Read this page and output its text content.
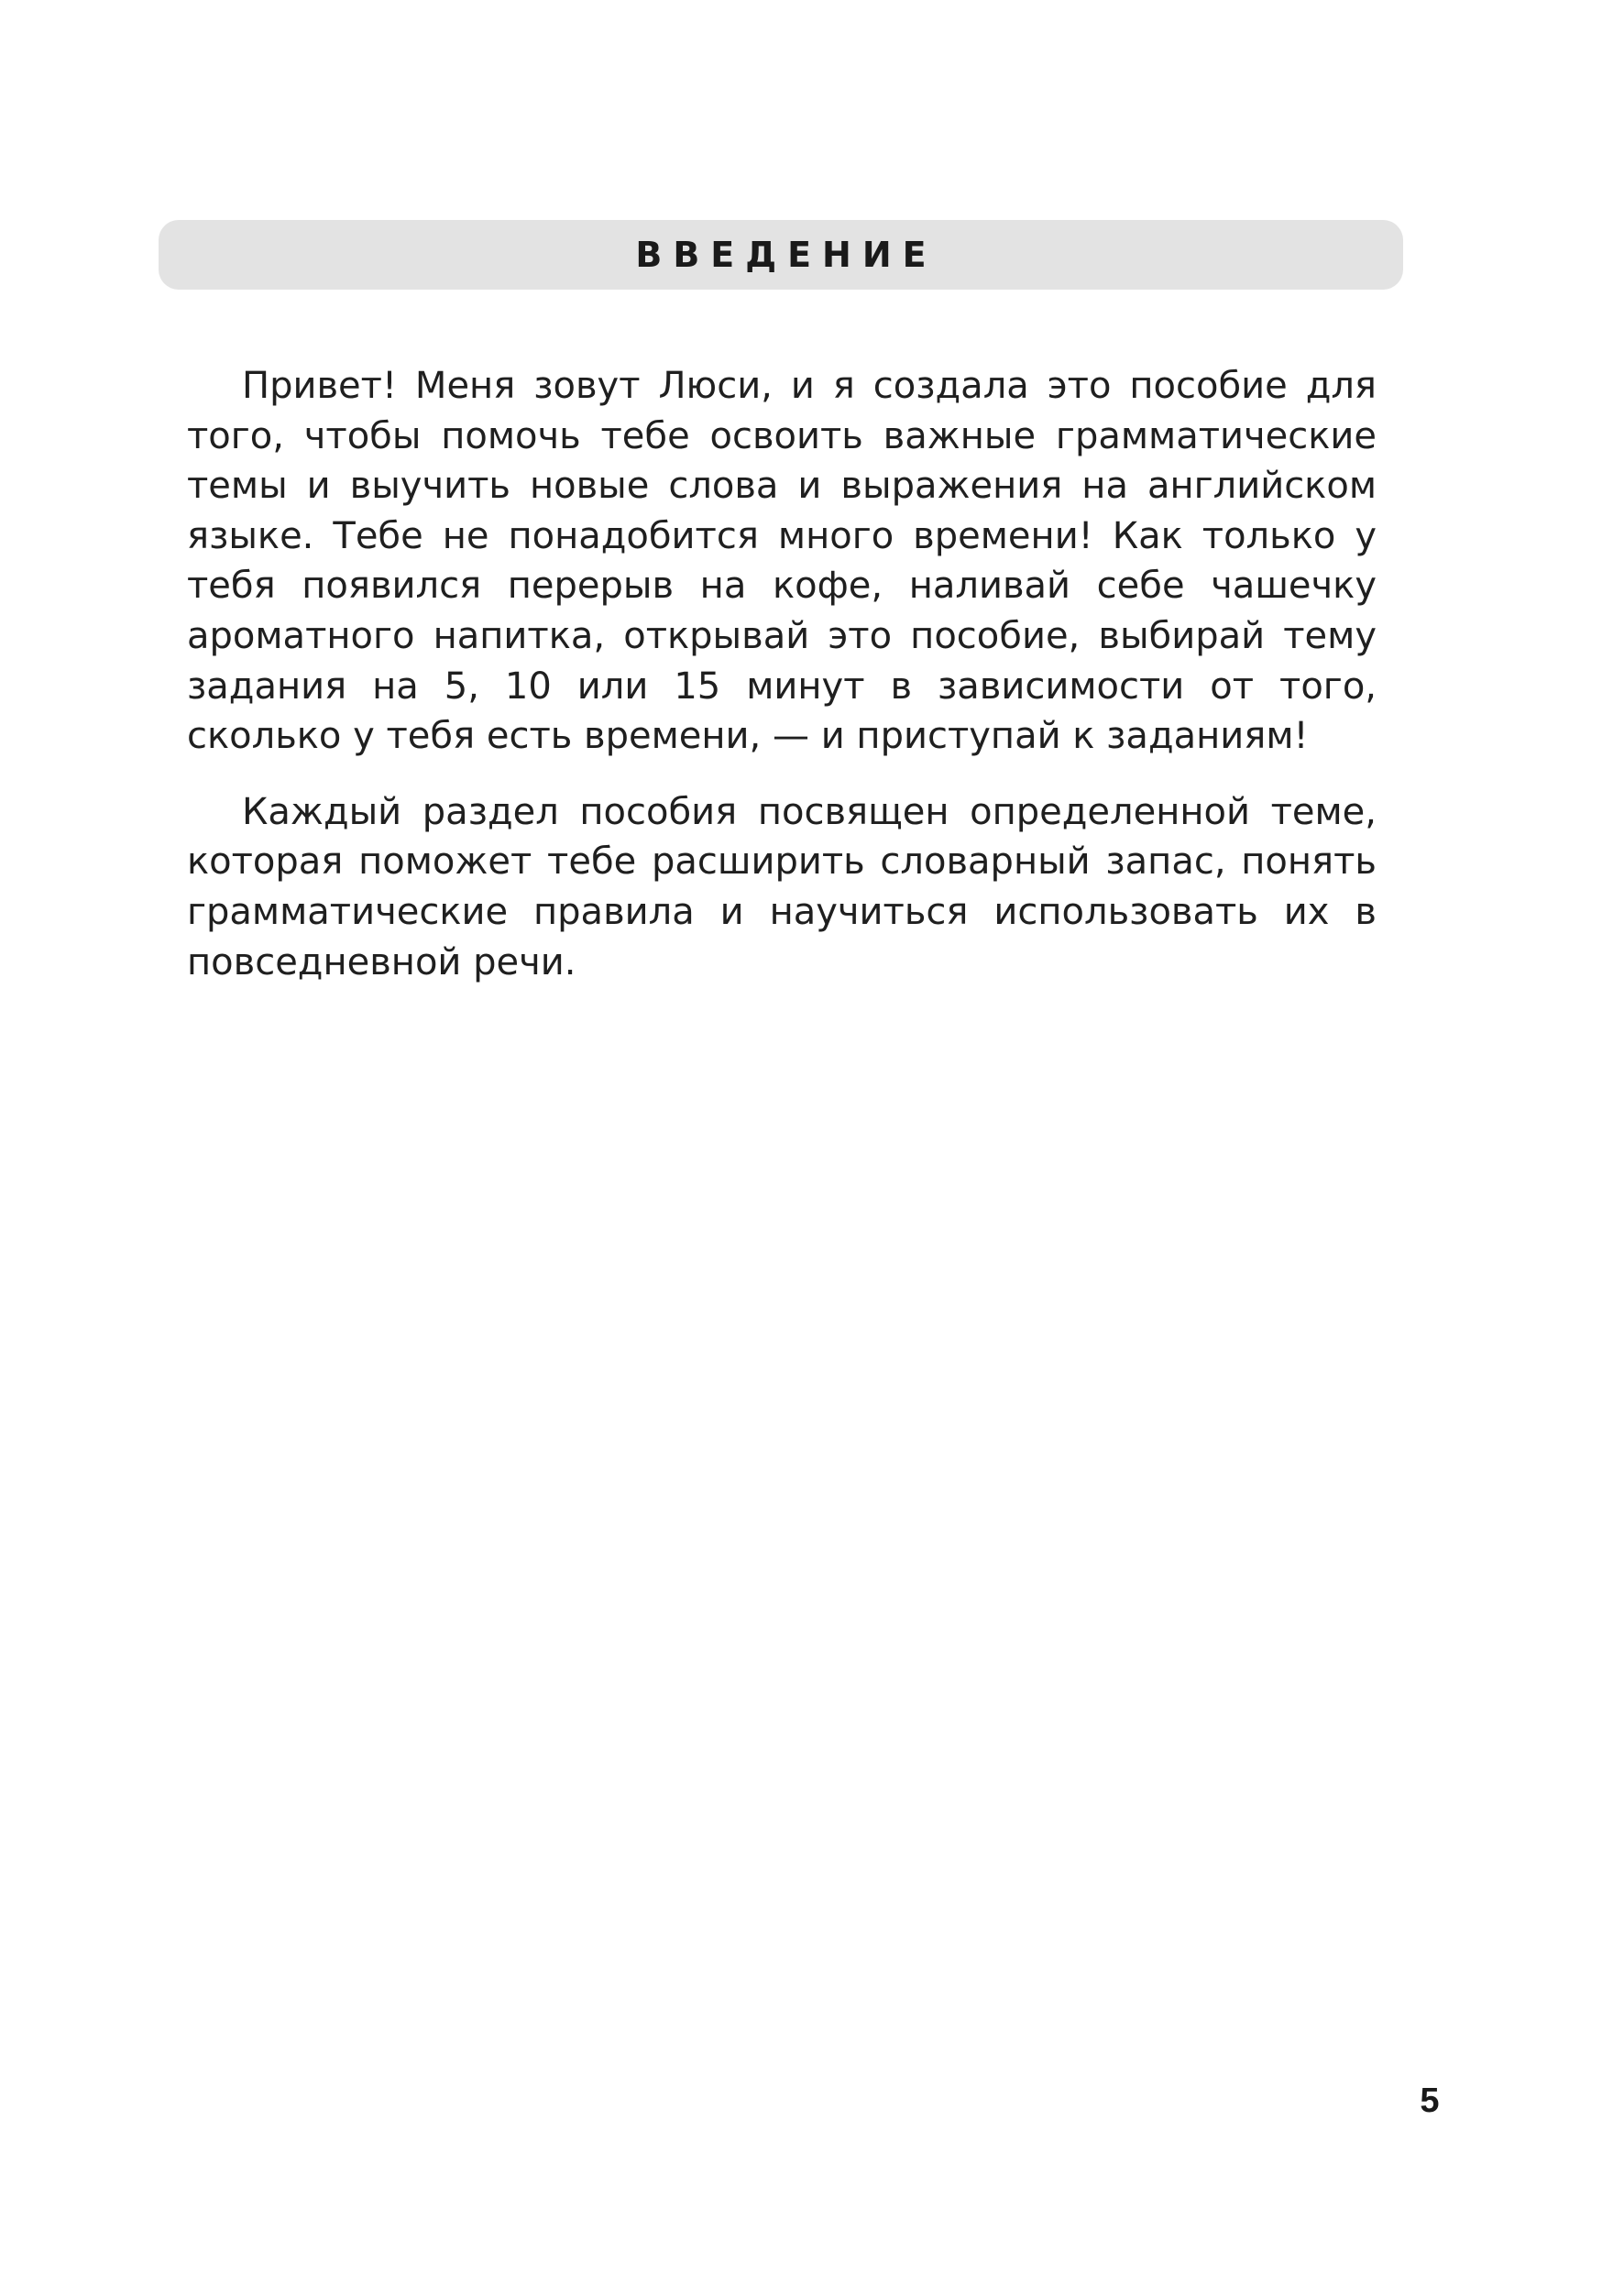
ВВЕДЕНИЕ

Привет! Меня зовут Люси, и я создала это пособие для того, чтобы помочь тебе освоить важные грамматические темы и выучить новые слова и выражения на английском языке. Тебе не понадобится много времени! Как только у тебя появился перерыв на кофе, наливай себе чашечку ароматного напитка, открывай это пособие, выбирай тему задания на 5, 10 или 15 минут в зависимости от того, сколько у тебя есть времени, — и приступай к заданиям!

Каждый раздел пособия посвящен определенной теме, которая поможет тебе расширить словарный запас, понять грамматические правила и научиться использовать их в повседневной речи.

5
